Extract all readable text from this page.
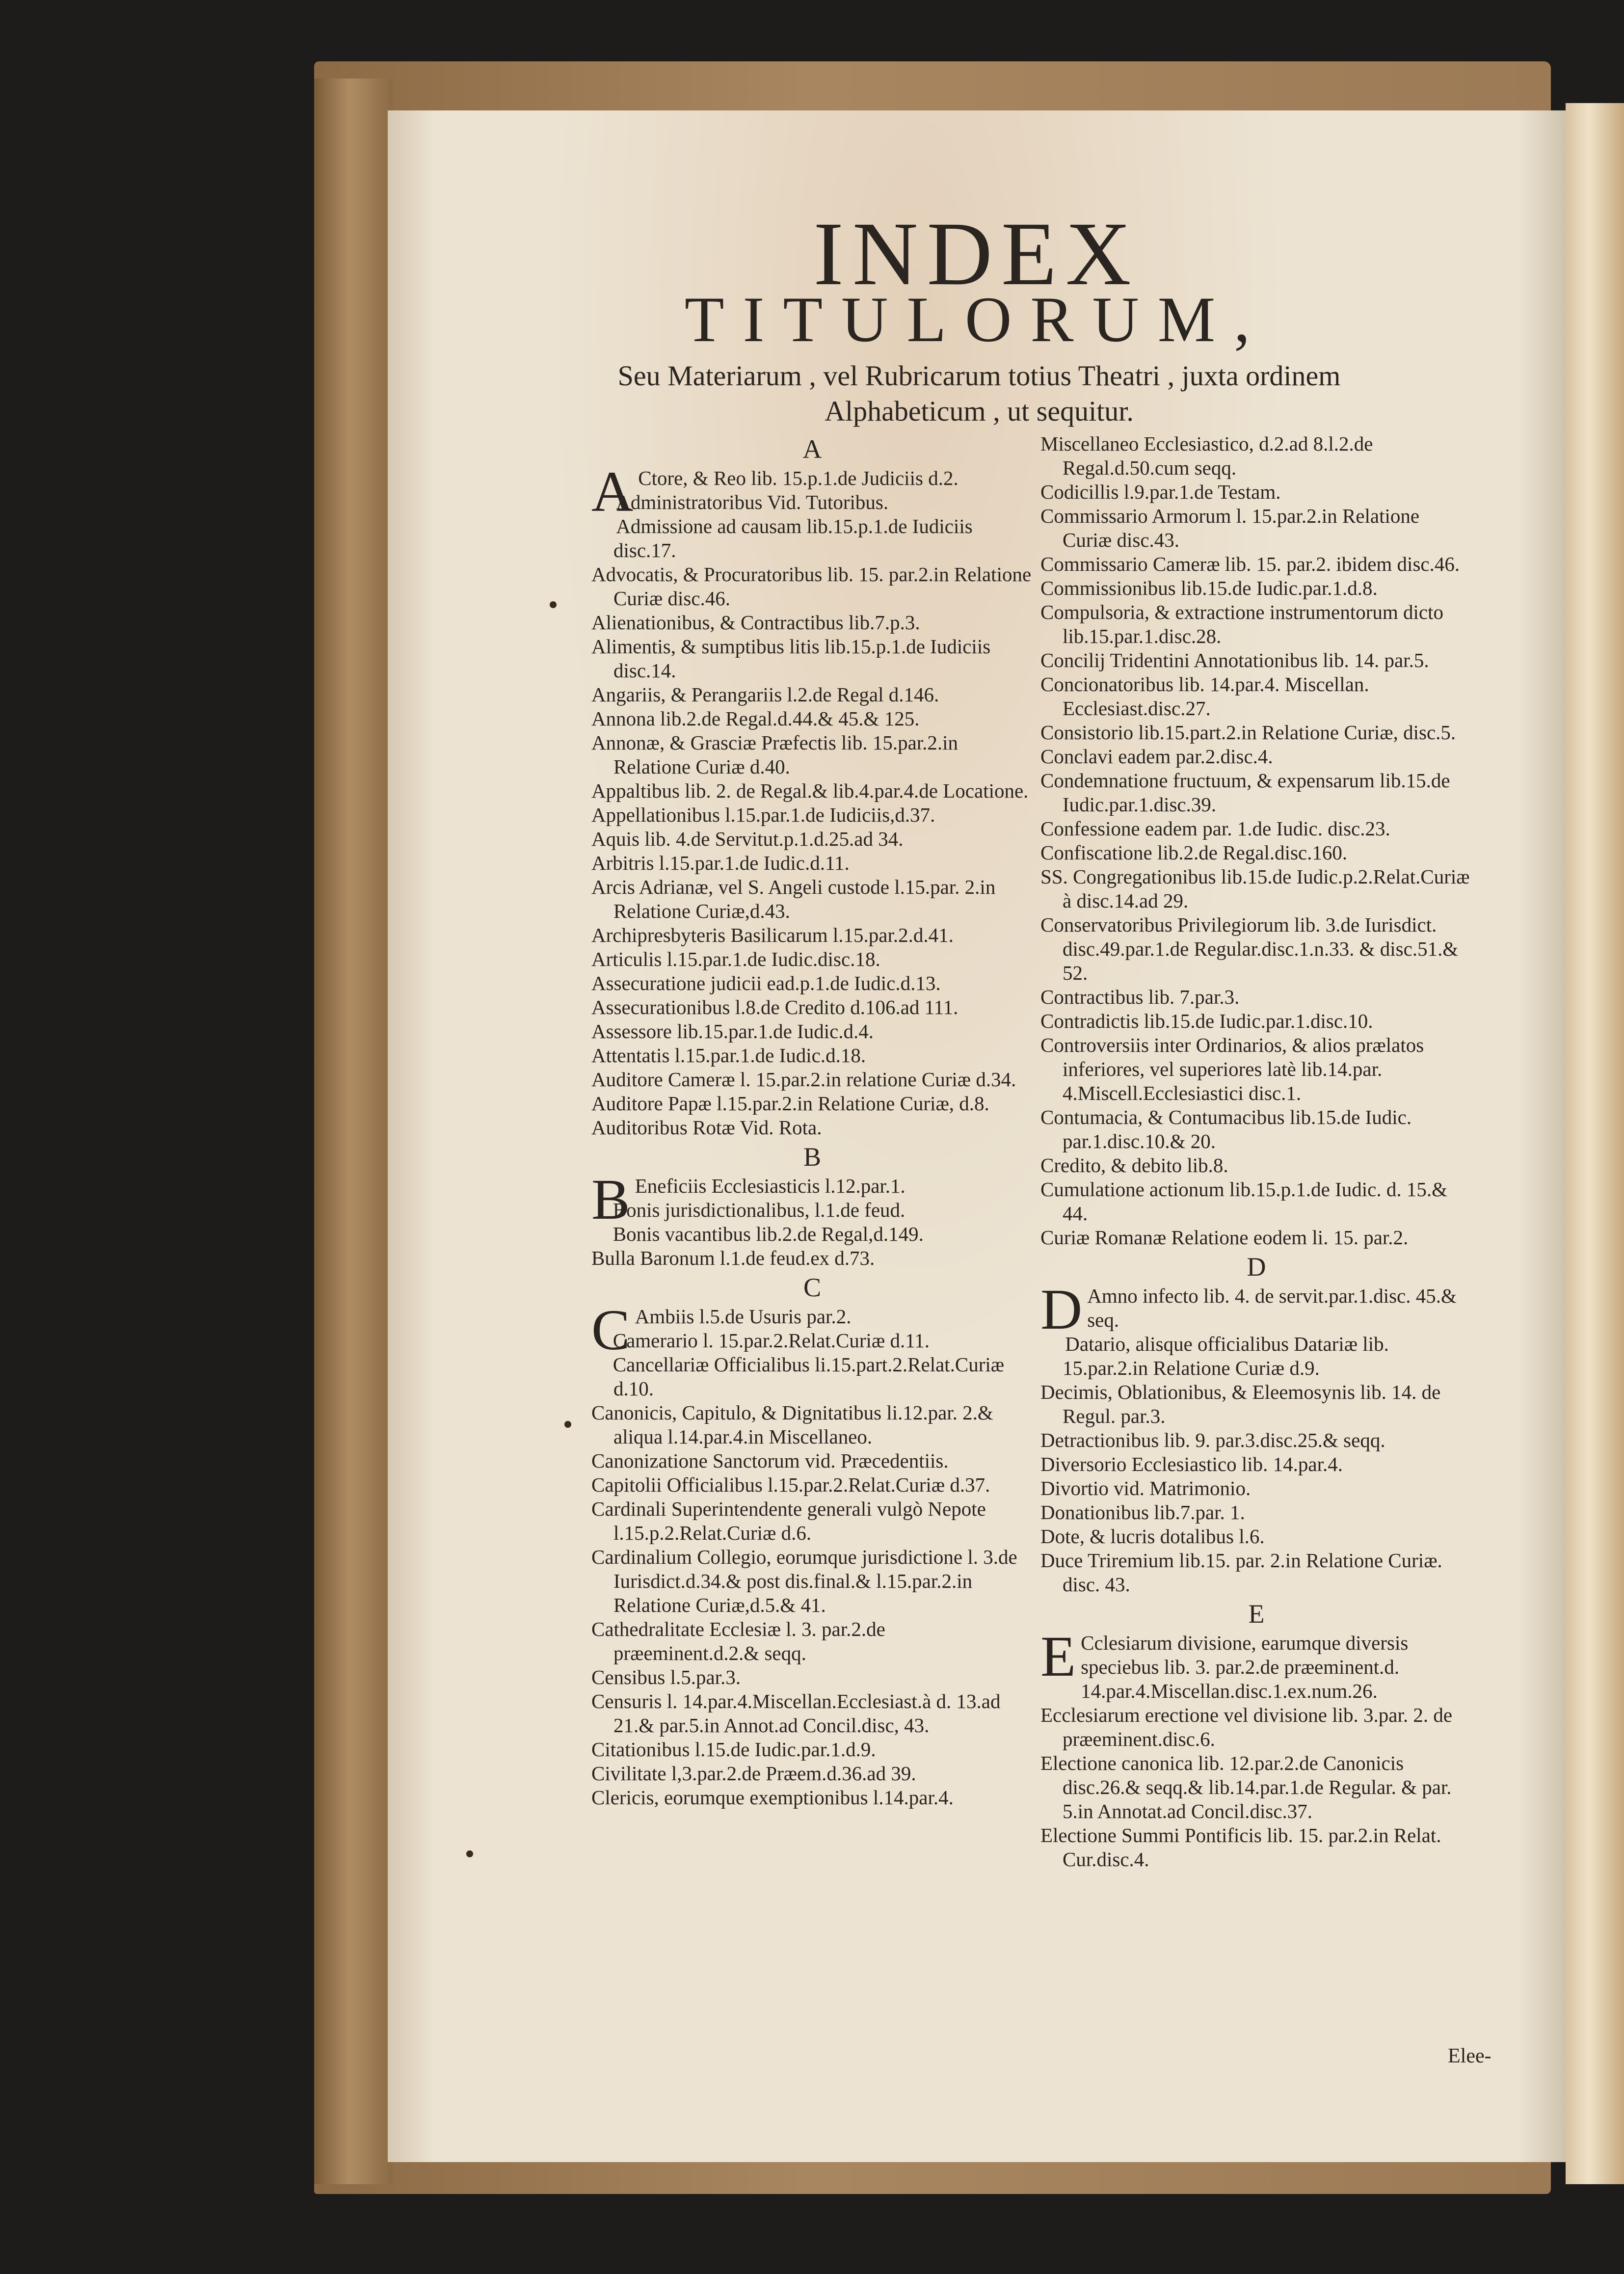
INDEX
TITULORUM,
Seu Materiarum , vel Rubricarum totius Theatri , juxta ordinem Alphabeticum , ut sequitur.

A

A Ctore, & Reo lib. 15.p.1.de Judiciis d.2.

Administratoribus Vid. Tutoribus.

Admissione ad causam lib.15.p.1.de Iudiciis disc.17.

Advocatis, & Procuratoribus lib. 15. par.2.in Relatione Curiæ disc.46.

Alienationibus, & Contractibus lib.7.p.3.

Alimentis, & sumptibus litis lib.15.p.1.de Iudiciis disc.14.

Angariis, & Perangariis l.2.de Regal d.146.

Annona lib.2.de Regal.d.44.& 45.& 125.

Annonæ, & Grasciæ Præfectis lib. 15.par.2.in Relatione Curiæ d.40.

Appaltibus lib. 2. de Regal.& lib.4.par.4.de Locatione.

Appellationibus l.15.par.1.de Iudiciis,d.37.

Aquis lib. 4.de Servitut.p.1.d.25.ad 34.

Arbitris l.15.par.1.de Iudic.d.11.

Arcis Adrianæ, vel S. Angeli custode l.15.par. 2.in Relatione Curiæ,d.43.

Archipresbyteris Basilicarum l.15.par.2.d.41.

Articulis l.15.par.1.de Iudic.disc.18.

Assecuratione judicii ead.p.1.de Iudic.d.13.

Assecurationibus l.8.de Credito d.106.ad 111.

Assessore lib.15.par.1.de Iudic.d.4.

Attentatis l.15.par.1.de Iudic.d.18.

Auditore Cameræ l. 15.par.2.in relatione Curiæ d.34.

Auditore Papæ l.15.par.2.in Relatione Curiæ, d.8.

Auditoribus Rotæ Vid. Rota.

B

B Eneficiis Ecclesiasticis l.12.par.1.

Bonis jurisdictionalibus, l.1.de feud.

Bonis vacantibus lib.2.de Regal,d.149.

Bulla Baronum l.1.de feud.ex d.73.

C

C Ambiis l.5.de Usuris par.2.

Camerario l. 15.par.2.Relat.Curiæ d.11.

Cancellariæ Officialibus li.15.part.2.Relat.Curiæ d.10.

Canonicis, Capitulo, & Dignitatibus li.12.par. 2.& aliqua l.14.par.4.in Miscellaneo.

Canonizatione Sanctorum vid. Præcedentiis.

Capitolii Officialibus l.15.par.2.Relat.Curiæ d.37.

Cardinali Superintendente generali vulgò Nepote l.15.p.2.Relat.Curiæ d.6.

Cardinalium Collegio, eorumque jurisdictione l. 3.de Iurisdict.d.34.& post dis.final.& l.15.par.2.in Relatione Curiæ,d.5.& 41.

Cathedralitate Ecclesiæ l. 3. par.2.de præeminent.d.2.& seqq.

Censibus l.5.par.3.

Censuris l. 14.par.4.Miscellan.Ecclesiast.à d. 13.ad 21.& par.5.in Annot.ad Concil.disc, 43.

Citationibus l.15.de Iudic.par.1.d.9.

Civilitate l,3.par.2.de Præem.d.36.ad 39.

Clericis, eorumque exemptionibus l.14.par.4.

Miscellaneo Ecclesiastico, d.2.ad 8.l.2.de Regal.d.50.cum seqq.

Codicillis l.9.par.1.de Testam.

Commissario Armorum l. 15.par.2.in Relatione Curiæ disc.43.

Commissario Cameræ lib. 15. par.2. ibidem disc.46.

Commissionibus lib.15.de Iudic.par.1.d.8.

Compulsoria, & extractione instrumentorum dicto lib.15.par.1.disc.28.

Concilij Tridentini Annotationibus lib. 14. par.5.

Concionatoribus lib. 14.par.4. Miscellan. Ecclesiast.disc.27.

Consistorio lib.15.part.2.in Relatione Curiæ, disc.5.

Conclavi eadem par.2.disc.4.

Condemnatione fructuum, & expensarum lib.15.de Iudic.par.1.disc.39.

Confessione eadem par. 1.de Iudic. disc.23.

Confiscatione lib.2.de Regal.disc.160.

SS. Congregationibus lib.15.de Iudic.p.2.Relat.Curiæ à disc.14.ad 29.

Conservatoribus Privilegiorum lib. 3.de Iurisdict. disc.49.par.1.de Regular.disc.1.n.33. & disc.51.& 52.

Contractibus lib. 7.par.3.

Contradictis lib.15.de Iudic.par.1.disc.10.

Controversiis inter Ordinarios, & alios prælatos inferiores, vel superiores latè lib.14.par. 4.Miscell.Ecclesiastici disc.1.

Contumacia, & Contumacibus lib.15.de Iudic. par.1.disc.10.& 20.

Credito, & debito lib.8.

Cumulatione actionum lib.15.p.1.de Iudic. d. 15.& 44.

Curiæ Romanæ Relatione eodem li. 15. par.2.

D

D Amno infecto lib. 4. de servit.par.1.disc. 45.& seq.

Datario, alisque officialibus Datariæ lib. 15.par.2.in Relatione Curiæ d.9.

Decimis, Oblationibus, & Eleemosynis lib. 14. de Regul. par.3.

Detractionibus lib. 9. par.3.disc.25.& seqq.

Diversorio Ecclesiastico lib. 14.par.4.

Divortio vid. Matrimonio.

Donationibus lib.7.par. 1.

Dote, & lucris dotalibus l.6.

Duce Triremium lib.15. par. 2.in Relatione Curiæ. disc. 43.

E

E Cclesiarum divisione, earumque diversis speciebus lib. 3. par.2.de præeminent.d. 14.par.4.Miscellan.disc.1.ex.num.26.

Ecclesiarum erectione vel divisione lib. 3.par. 2. de præeminent.disc.6.

Electione canonica lib. 12.par.2.de Canonicis disc.26.& seqq.& lib.14.par.1.de Regular. & par. 5.in Annotat.ad Concil.disc.37.

Electione Summi Pontificis lib. 15. par.2.in Relat. Cur.disc.4.

Elee-
